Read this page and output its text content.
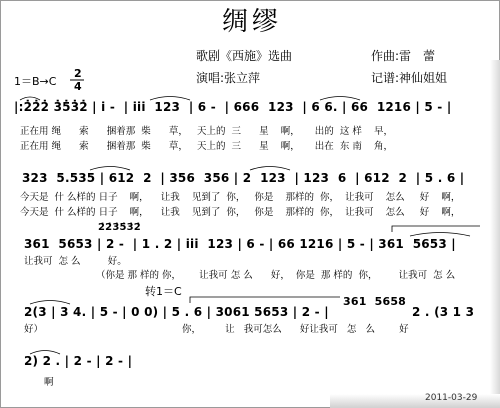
绸缪
歌剧《西施》选曲	作曲:雷　蕾
演唱:张立萍	记谱:神仙姐姐
1＝B→C
2
4
|:2̇2̇2̇ 3̇5̇3̇2̇ | i -  | iii  123  | 6 -  | 666  123  | 6 6. | 66  1216 | 5 - |
正在用 绳      索      捆着那  柴      草，   天上的  三      星    啊，     出的  这 样    早，
正在用 绳      索      捆着那  柴      草，   天上的  三      星    啊，     出在  东 南    角，
323  5.535 | 612  2  | 356  356 | 2  123  | 123  6  | 612  2  | 5 . 6 |
今天是  什 么样的 日子    啊，    让我    见到了  你，   你是    那样的  你，  让我可    怎么     好    啊，
今天是  什 么样的 日子    啊，    让我    见到了  你，   你是    那样的  你，  让我可    怎么     好    啊，
2̇2̇3̇5̇3̇2̇
361  5653 | 2 -  | 1 . 2 | iii  123 | 6 - | 66 1216 | 5 - | 361  5653 |
让我可  怎 么         好。
（你是 那 样的 你，      让我可 怎 么      好，  你是  那 样的  你，       让我可  怎 么
转1＝C
361  5658
2(3 | 3 4. | 5 - | 0 0) | 5 . 6 | 3061 5653 | 2 - |	2 . (3 1 3
好）	你，        让   我可怎么      好让我可   怎   么        好
2) 2 . | 2 - | 2 - |
啊
2011-03-29
